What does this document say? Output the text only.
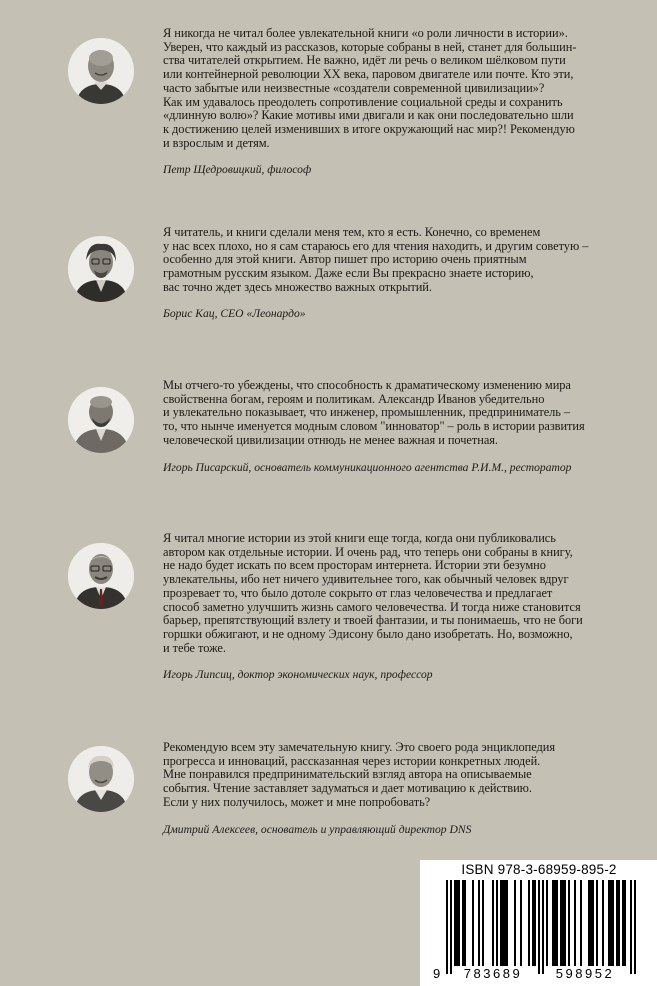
Я никогда не читал более увлекательной книги «о роли личности в истории».
Уверен, что каждый из рассказов, которые собраны в ней, станет для большин-
ства читателей открытием. Не важно, идёт ли речь о великом шёлковом пути
или контейнерной революции XX века, паровом двигателе или почте. Кто эти,
часто забытые или неизвестные «создатели современной цивилизации»?
Как им удавалось преодолеть сопротивление социальной среды и сохранить
«длинную волю»? Какие мотивы ими двигали и как они последовательно шли
к достижению целей изменивших в итоге окружающий нас мир?! Рекомендую
и взрослым и детям.

Петр Щедровицкий, философ

Я читатель, и книги сделали меня тем, кто я есть. Конечно, со временем
у нас всех плохо, но я сам стараюсь его для чтения находить, и другим советую –
особенно для этой книги. Автор пишет про историю очень приятным
грамотным русским языком. Даже если Вы прекрасно знаете историю,
вас точно ждет здесь множество важных открытий.

Борис Кац, CEO «Леонардо»

Мы отчего-то убеждены, что способность к драматическому изменению мира
свойственна богам, героям и политикам. Александр Иванов убедительно
и увлекательно показывает, что инженер, промышленник, предприниматель –
то, что нынче именуется модным словом "инноватор" – роль в истории развития
человеческой цивилизации отнюдь не менее важная и почетная.

Игорь Писарский, основатель коммуникационного агентства Р.И.М., ресторатор

Я читал многие истории из этой книги еще тогда, когда они публиковались
автором как отдельные истории. И очень рад, что теперь они собраны в книгу,
не надо будет искать по всем просторам интернета. Истории эти безумно
увлекательны, ибо нет ничего удивительнее того, как обычный человек вдруг
прозревает то, что было дотоле сокрыто от глаз человечества и предлагает
способ заметно улучшить жизнь самого человечества. И тогда ниже становится
барьер, препятствующий взлету и твоей фантазии, и ты понимаешь, что не боги
горшки обжигают, и не одному Эдисону было дано изобретать. Но, возможно,
и тебе тоже.

Игорь Липсиц, доктор экономических наук, профессор

Рекомендую всем эту замечательную книгу. Это своего рода энциклопедия
прогресса и инноваций, рассказанная через истории конкретных людей.
Мне понравился предпринимательский взгляд автора на описываемые
события. Чтение заставляет задуматься и дает мотивацию к действию.
Если у них получилось, может и мне попробовать?

Дмитрий Алексеев, основатель и управляющий директор DNS

ISBN 978-3-68959-895-2
9 783689	598952
